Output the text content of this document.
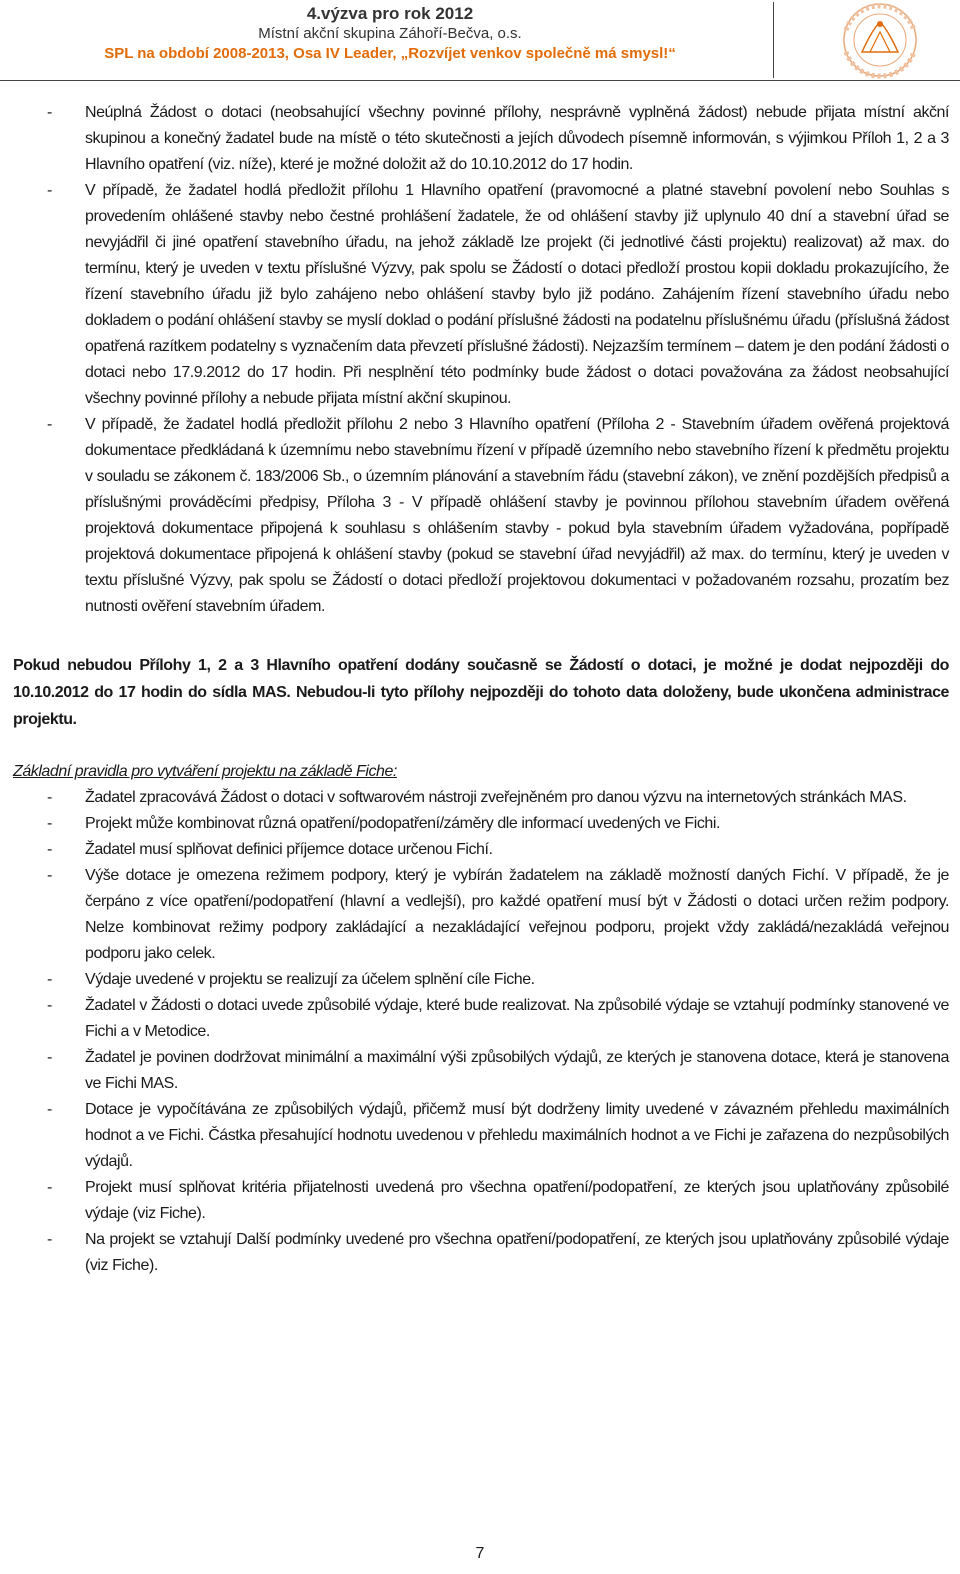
4.výzva pro rok 2012
Místní akční skupina Záhoří-Bečva, o.s.
SPL na období 2008-2013, Osa IV Leader, „Rozvíjet venkov společně má smysl!“
- Neúplná Žádost o dotaci (neobsahující všechny povinné přílohy, nesprávně vyplněná žádost) nebude přijata místní akční skupinou a konečný žadatel bude na místě o této skutečnosti a jejích důvodech písemně informován, s výjimkou Příloh 1, 2 a 3 Hlavního opatření (viz. níže), které je možné doložit až do 10.10.2012 do 17 hodin.
- V případě, že žadatel hodlá předložit přílohu 1 Hlavního opatření (pravomocné a platné stavební povolení nebo Souhlas s provedením ohlášené stavby nebo čestné prohlášení žadatele, že od ohlášení stavby již uplynulo 40 dní a stavební úřad se nevyjádřil či jiné opatření stavebního úřadu, na jehož základě lze projekt (či jednotlivé části projektu) realizovat) až max. do termínu, který je uveden v textu příslušné Výzvy, pak spolu se Žádostí o dotaci předloží prostou kopii dokladu prokazujícího, že řízení stavebního úřadu již bylo zahájeno nebo ohlášení stavby bylo již podáno. Zahájením řízení stavebního úřadu nebo dokladem o podání ohlášení stavby se myslí doklad o podání příslušné žádosti na podatelnu příslušnému úřadu (příslušná žádost opatřená razítkem podatelny s vyznačením data převzetí příslušné žádosti). Nejzazším termínem – datem je den podání žádosti o dotaci nebo 17.9.2012 do 17 hodin. Při nesplnění této podmínky bude žádost o dotaci považována za žádost neobsahující všechny povinné přílohy a nebude přijata místní akční skupinou.
- V případě, že žadatel hodlá předložit přílohu 2 nebo 3 Hlavního opatření (Příloha 2 - Stavebním úřadem ověřená projektová dokumentace předkládaná k územnímu nebo stavebnímu řízení v případě územního nebo stavebního řízení k předmětu projektu v souladu se zákonem č. 183/2006 Sb., o územním plánování a stavebním řádu (stavební zákon), ve znění pozdějších předpisů a příslušnými prováděcími předpisy, Příloha 3 - V případě ohlášení stavby je povinnou přílohou stavebním úřadem ověřená projektová dokumentace připojená k souhlasu s ohlášením stavby - pokud byla stavebním úřadem vyžadována, popřípadě projektová dokumentace připojená k ohlášení stavby (pokud se stavební úřad nevyjádřil) až max. do termínu, který je uveden v textu příslušné Výzvy, pak spolu se Žádostí o dotaci předloží projektovou dokumentaci v požadovaném rozsahu, prozatím bez nutnosti ověření stavebním úřadem.
Pokud nebudou Přílohy 1, 2 a 3 Hlavního opatření dodány současně se Žádostí o dotaci, je možné je dodat nejpozději do 10.10.2012 do 17 hodin do sídla MAS. Nebudou-li tyto přílohy nejpozději do tohoto data doloženy, bude ukončena administrace projektu.
Základní pravidla pro vytváření projektu na základě Fiche:
- Žadatel zpracovává Žádost o dotaci v softwarovém nástroji zveřejněném pro danou výzvu na internetových stránkách MAS.
- Projekt může kombinovat různá opatření/podopatření/záměry dle informací uvedených ve Fichi.
- Žadatel musí splňovat definici příjemce dotace určenou Fichí.
- Výše dotace je omezena režimem podpory, který je vybírán žadatelem na základě možností daných Fichí. V případě, že je čerpáno z více opatření/podopatření (hlavní a vedlejší), pro každé opatření musí být v Žádosti o dotaci určen režim podpory. Nelze kombinovat režimy podpory zakládající a nezakládající veřejnou podporu, projekt vždy zakládá/nezakládá veřejnou podporu jako celek.
- Výdaje uvedené v projektu se realizují za účelem splnění cíle Fiche.
- Žadatel v Žádosti o dotaci uvede způsobilé výdaje, které bude realizovat. Na způsobilé výdaje se vztahují podmínky stanovené ve Fichi a v Metodice.
- Žadatel je povinen dodržovat minimální a maximální výši způsobilých výdajů, ze kterých je stanovena dotace, která je stanovena ve Fichi MAS.
- Dotace je vypočítávána ze způsobilých výdajů, přičemž musí být dodrženy limity uvedené v závazném přehledu maximálních hodnot a ve Fichi. Částka přesahující hodnotu uvedenou v přehledu maximálních hodnot a ve Fichi je zařazena do nezpůsobilých výdajů.
- Projekt musí splňovat kritéria přijatelnosti uvedená pro všechna opatření/podopatření, ze kterých jsou uplatňovány způsobilé výdaje (viz Fiche).
- Na projekt se vztahují Další podmínky uvedené pro všechna opatření/podopatření, ze kterých jsou uplatňovány způsobilé výdaje (viz Fiche).
7
